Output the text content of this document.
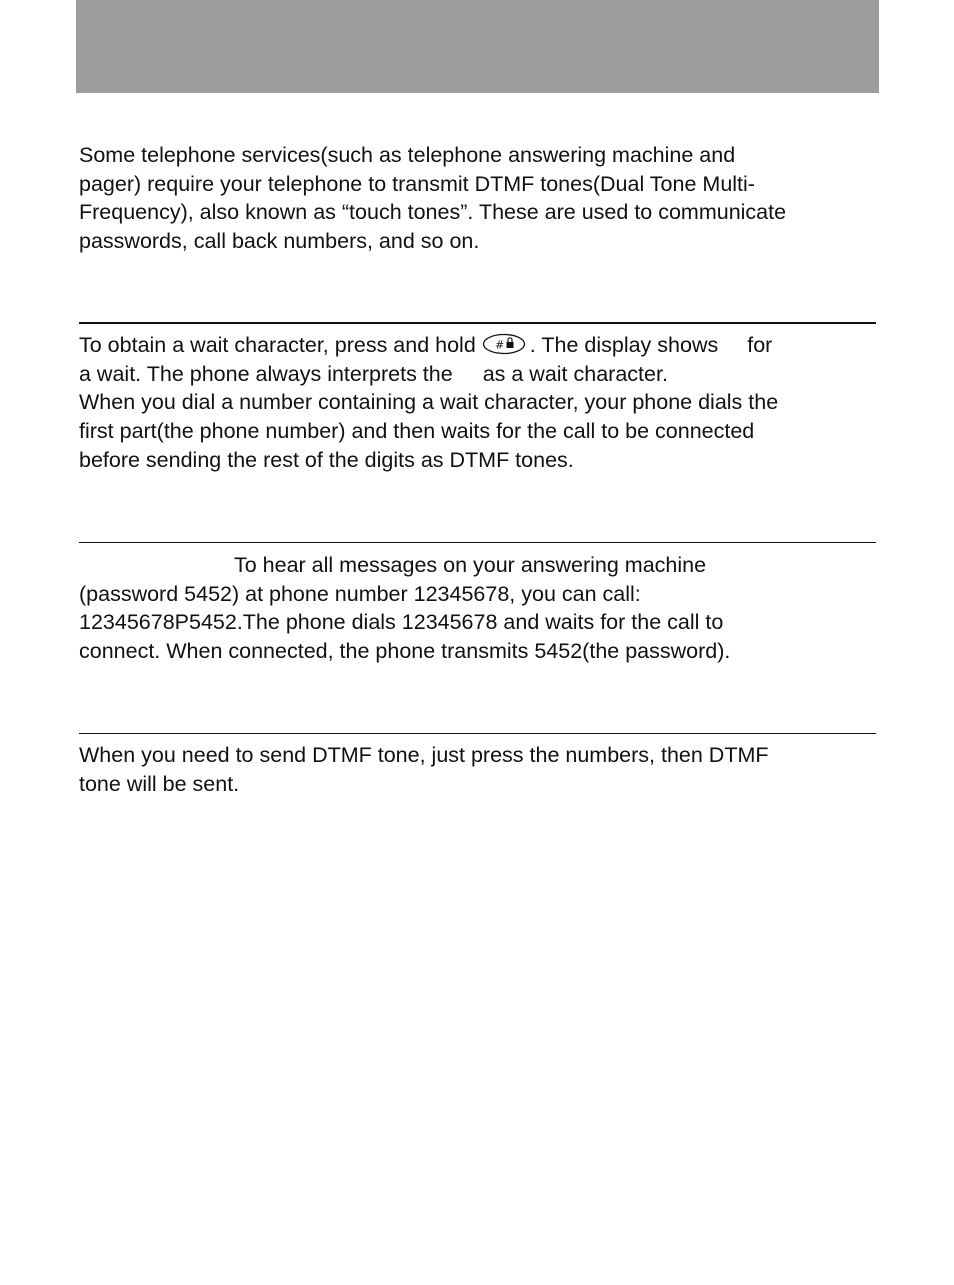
Some telephone services(such as telephone answering machine and
pager) require your telephone to transmit DTMF tones(Dual Tone Multi-
Frequency), also known as “touch tones”. These are used to communicate
passwords, call back numbers, and so on.
To obtain a wait character, press and hold # . The display shows for
a wait. The phone always interprets the as a wait character.
When you dial a number containing a wait character, your phone dials the
first part(the phone number) and then waits for the call to be connected
before sending the rest of the digits as DTMF tones.
To hear all messages on your answering machine
(password 5452) at phone number 12345678, you can call:
12345678P5452.The phone dials 12345678 and waits for the call to
connect. When connected, the phone transmits 5452(the password).
When you need to send DTMF tone, just press the numbers, then DTMF
tone will be sent.
